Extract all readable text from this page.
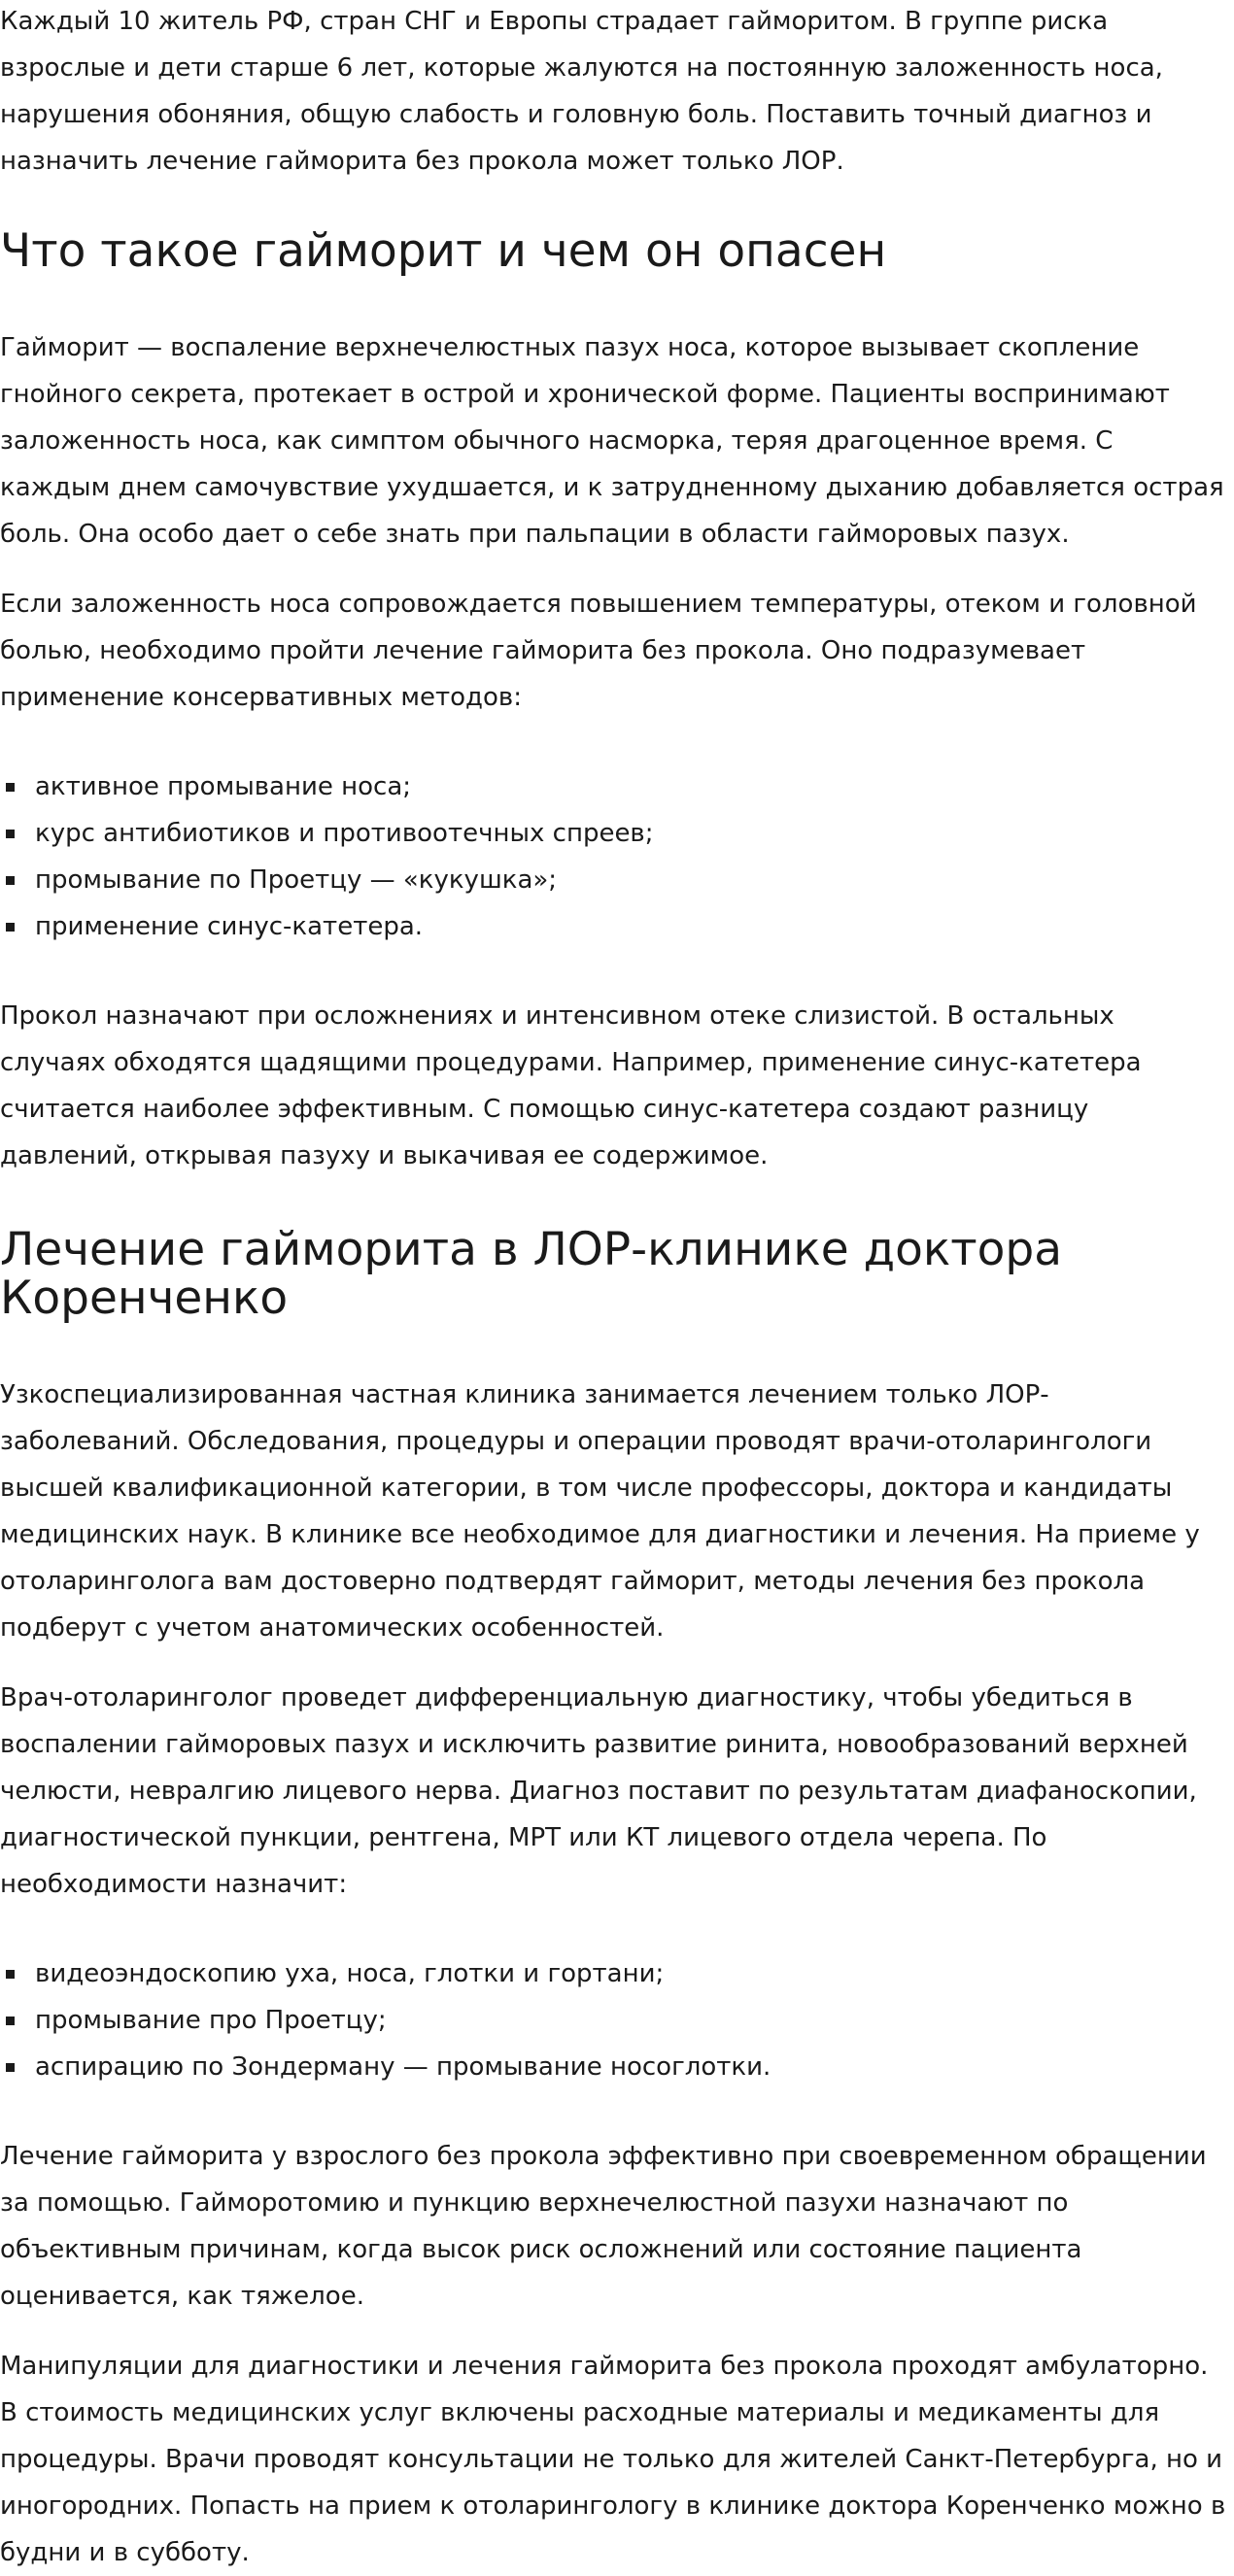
Каждый 10 житель РФ, стран СНГ и Европы страдает гайморитом. В группе риска взрослые и дети старше 6 лет, которые жалуются на постоянную заложенность носа, нарушения обоняния, общую слабость и головную боль. Поставить точный диагноз и назначить лечение гайморита без прокола может только ЛОР.

Что такое гайморит и чем он опасен

Гайморит — воспаление верхнечелюстных пазух носа, которое вызывает скопление гнойного секрета, протекает в острой и хронической форме. Пациенты воспринимают заложенность носа, как симптом обычного насморка, теряя драгоценное время. С каждым днем самочувствие ухудшается, и к затрудненному дыханию добавляется острая боль. Она особо дает о себе знать при пальпации в области гайморовых пазух.

Если заложенность носа сопровождается повышением температуры, отеком и головной болью, необходимо пройти лечение гайморита без прокола. Оно подразумевает применение консервативных методов:

активное промывание носа;
курс антибиотиков и противоотечных спреев;
промывание по Проетцу — «кукушка»;
применение синус-катетера.

Прокол назначают при осложнениях и интенсивном отеке слизистой. В остальных случаях обходятся щадящими процедурами. Например, применение синус-катетера считается наиболее эффективным. С помощью синус-катетера создают разницу давлений, открывая пазуху и выкачивая ее содержимое.

Лечение гайморита в ЛОР-клинике доктора Коренченко

Узкоспециализированная частная клиника занимается лечением только ЛОР-заболеваний. Обследования, процедуры и операции проводят врачи-отоларингологи высшей квалификационной категории, в том числе профессоры, доктора и кандидаты медицинских наук. В клинике все необходимое для диагностики и лечения. На приеме у отоларинголога вам достоверно подтвердят гайморит, методы лечения без прокола подберут с учетом анатомических особенностей.

Врач-отоларинголог проведет дифференциальную диагностику, чтобы убедиться в воспалении гайморовых пазух и исключить развитие ринита, новообразований верхней челюсти, невралгию лицевого нерва. Диагноз поставит по результатам диафаноскопии, диагностической пункции, рентгена, МРТ или КТ лицевого отдела черепа. По необходимости назначит:

видеоэндоскопию уха, носа, глотки и гортани;
промывание про Проетцу;
аспирацию по Зондерману — промывание носоглотки.

Лечение гайморита у взрослого без прокола эффективно при своевременном обращении за помощью. Гайморотомию и пункцию верхнечелюстной пазухи назначают по объективным причинам, когда высок риск осложнений или состояние пациента оценивается, как тяжелое.

Манипуляции для диагностики и лечения гайморита без прокола проходят амбулаторно. В стоимость медицинских услуг включены расходные материалы и медикаменты для процедуры. Врачи проводят консультации не только для жителей Санкт-Петербурга, но и иногородних. Попасть на прием к отоларингологу в клинике доктора Коренченко можно в будни и в субботу.
